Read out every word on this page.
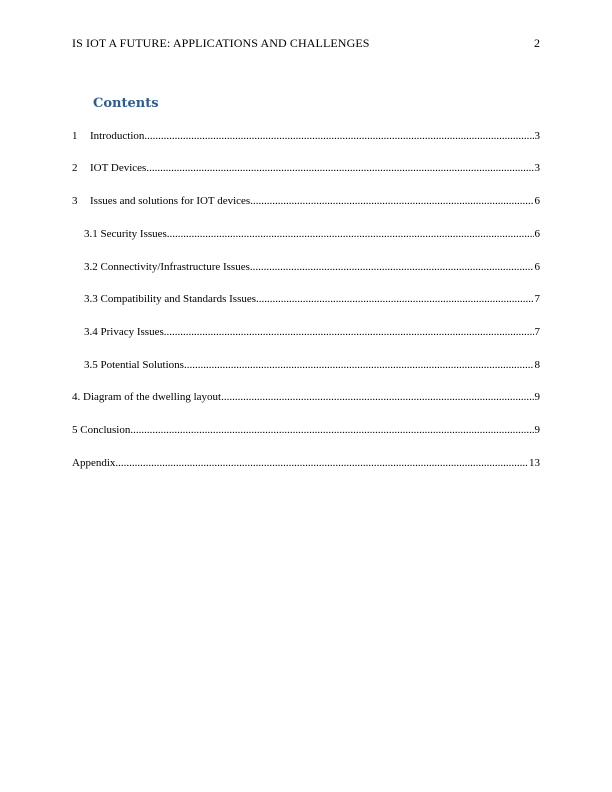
IS IOT A FUTURE: APPLICATIONS AND CHALLENGES	2
Contents
1	Introduction .....	3
2	IOT Devices .....	3
3	Issues and solutions for IOT devices .....	6
3.1 Security Issues .....	6
3.2 Connectivity/Infrastructure Issues .....	6
3.3 Compatibility and Standards Issues .....	7
3.4 Privacy Issues .....	7
3.5 Potential Solutions .....	8
4. Diagram of the dwelling layout .....	9
5 Conclusion .....	9
Appendix .....	13
